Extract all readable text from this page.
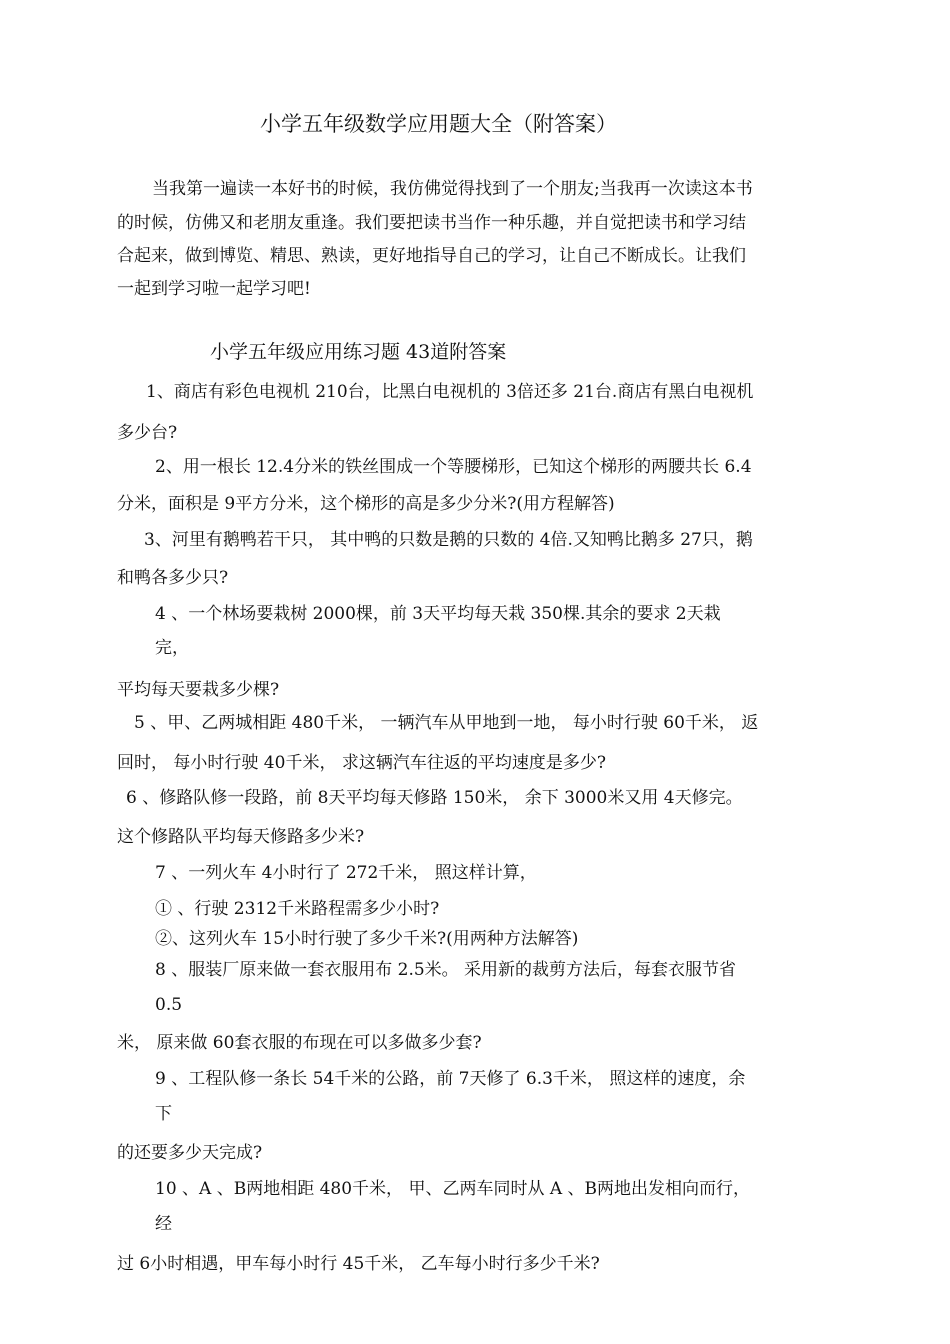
小学五年级数学应用题大全（附答案）
当我第一遍读一本好书的时候，我仿佛觉得找到了一个朋友;当我再一次读这本书
的时候，仿佛又和老朋友重逢。我们要把读书当作一种乐趣，并自觉把读书和学习结
合起来，做到博览、精思、熟读，更好地指导自己的学习，让自己不断成长。让我们
一起到学习啦一起学习吧!
小学五年级应用练习题 43道附答案
1、商店有彩色电视机 210台，比黑白电视机的 3倍还多 21台.商店有黑白电视机
多少台?
2、用一根长 12.4分米的铁丝围成一个等腰梯形，已知这个梯形的两腰共长 6.4
分米，面积是 9平方分米，这个梯形的高是多少分米?(用方程解答)
3、河里有鹅鸭若干只， 其中鸭的只数是鹅的只数的 4倍.又知鸭比鹅多 27只，鹅
和鸭各多少只?
4 、一个林场要栽树 2000棵，前 3天平均每天栽 350棵.其余的要求 2天栽
完，
平均每天要栽多少棵?
5 、甲、乙两城相距 480千米， 一辆汽车从甲地到一地， 每小时行驶 60千米， 返
回时， 每小时行驶 40千米， 求这辆汽车往返的平均速度是多少?
6 、修路队修一段路，前 8天平均每天修路 150米， 余下 3000米又用 4天修完。
这个修路队平均每天修路多少米?
7 、一列火车 4小时行了 272千米， 照这样计算，
① 、行驶 2312千米路程需多少小时?
②、这列火车 15小时行驶了多少千米?(用两种方法解答)
8 、服装厂原来做一套衣服用布 2.5米。 采用新的裁剪方法后，每套衣服节省
0.5
米， 原来做 60套衣服的布现在可以多做多少套?
9 、工程队修一条长 54千米的公路，前 7天修了 6.3千米， 照这样的速度，余
下
的还要多少天完成?
10 、A 、B两地相距 480千米， 甲、乙两车同时从 A 、B两地出发相向而行，
经
过 6小时相遇，甲车每小时行 45千米， 乙车每小时行多少千米?
